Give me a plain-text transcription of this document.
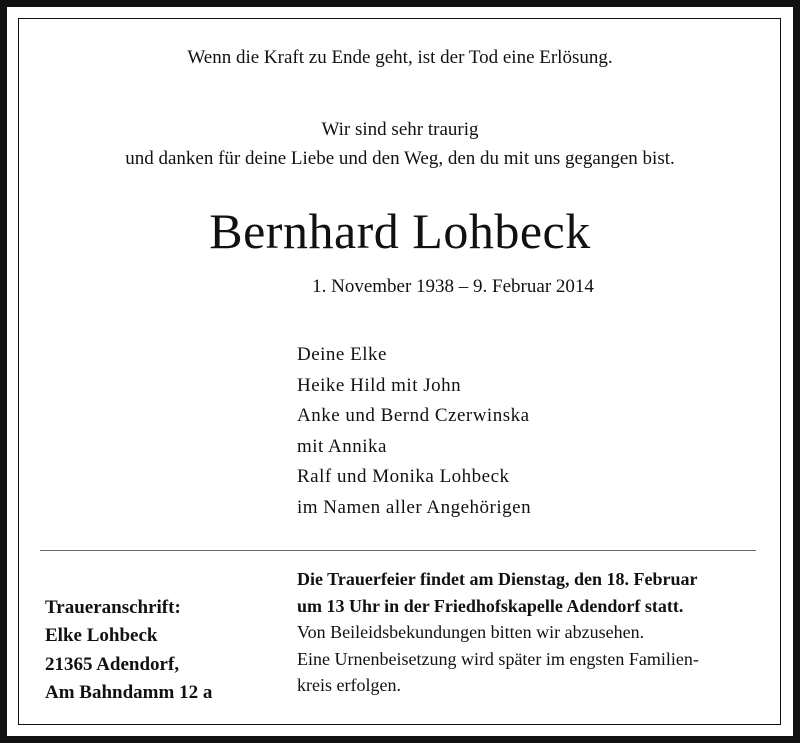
Wenn die Kraft zu Ende geht, ist der Tod eine Erlösung.
Wir sind sehr traurig
und danken für deine Liebe und den Weg, den du mit uns gegangen bist.
Bernhard Lohbeck
1. November 1938 – 9. Februar 2014
Deine Elke
Heike Hild mit John
Anke und Bernd Czerwinska
mit Annika
Ralf und Monika Lohbeck
im Namen aller Angehörigen
Traueranschrift:
Elke Lohbeck
21365 Adendorf,
Am Bahndamm 12 a
Die Trauerfeier findet am Dienstag, den 18. Februar
um 13 Uhr in der Friedhofskapelle Adendorf statt.
Von Beileidsbekundungen bitten wir abzusehen.
Eine Urnenbeisetzung wird später im engsten Familien-
kreis erfolgen.
